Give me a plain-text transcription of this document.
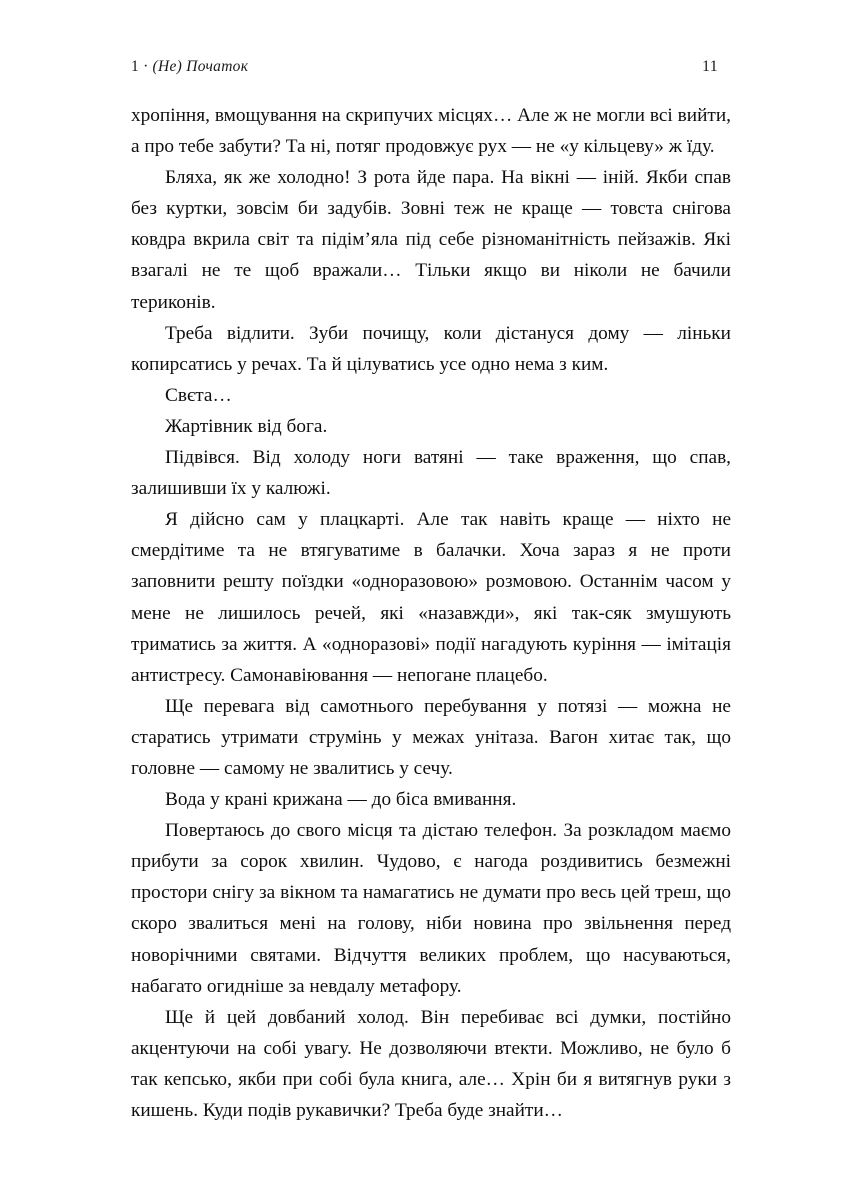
1 · (Не) Початок	11

хропіння, вмощування на скрипучих місцях… Але ж не могли всі вийти, а про тебе забути? Та ні, потяг продовжує рух — не «у кільцеву» ж їду.

Бляха, як же холодно! З рота йде пара. На вікні — іній. Якби спав без куртки, зовсім би задубів. Зовні теж не краще — товста снігова ковдра вкрила світ та підім’яла під себе різноманітність пейзажів. Які взагалі не те щоб вражали… Тільки якщо ви ніколи не бачили териконів.

Треба відлити. Зуби почищу, коли дістануся дому — ліньки копирсатись у речах. Та й цілуватись усе одно нема з ким.

Свєта…

Жартівник від бога.

Підвівся. Від холоду ноги ватяні — таке враження, що спав, залишивши їх у калюжі.

Я дійсно сам у плацкарті. Але так навіть краще — ніхто не смердітиме та не втягуватиме в балачки. Хоча зараз я не проти заповнити решту поїздки «одноразовою» розмовою. Останнім часом у мене не лишилось речей, які «назавжди», які так-сяк змушують триматись за життя. А «одноразові» події нагадують куріння — імітація антистресу. Самонавіювання — непогане плацебо.

Ще перевага від самотнього перебування у потязі — можна не старатись утримати струмінь у межах унітаза. Вагон хитає так, що головне — самому не звалитись у сечу.

Вода у крані крижана — до біса вмивання.

Повертаюсь до свого місця та дістаю телефон. За розкладом маємо прибути за сорок хвилин. Чудово, є нагода роздивитись безмежні простори снігу за вікном та намагатись не думати про весь цей треш, що скоро звалиться мені на голову, ніби новина про звільнення перед новорічними святами. Відчуття великих проблем, що насуваються, набагато огидніше за невдалу метафору.

Ще й цей довбаний холод. Він перебиває всі думки, постійно акцентуючи на собі увагу. Не дозволяючи втекти. Можливо, не було б так кепсько, якби при собі була книга, але… Хрін би я витягнув руки з кишень. Куди подів рукавички? Треба буде знайти…
